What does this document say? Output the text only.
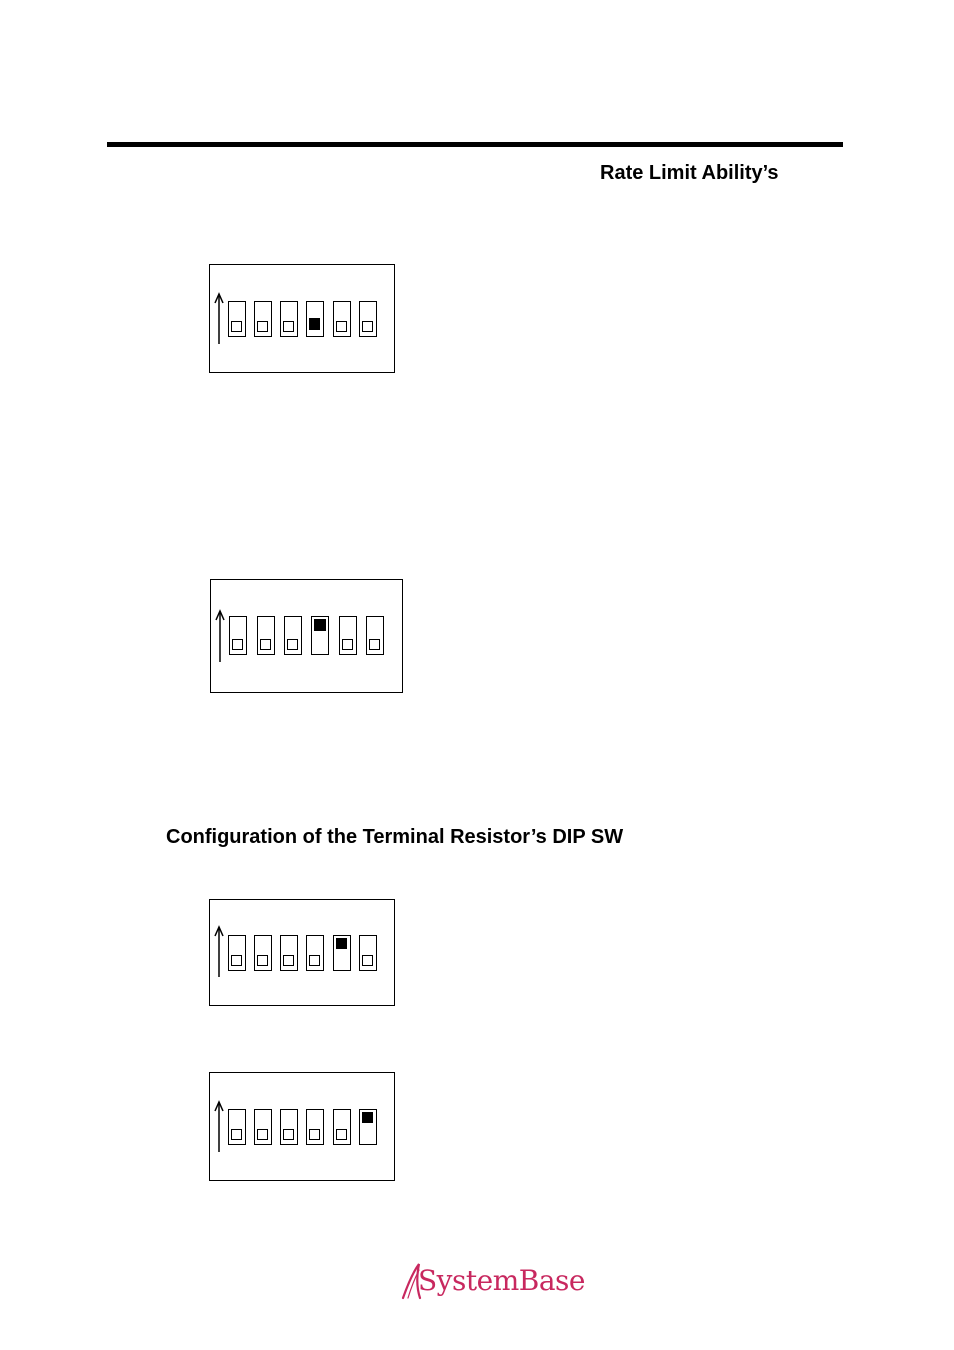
Rate Limit Ability’s
Configuration of the Terminal Resistor’s DIP SW
SystemBase
